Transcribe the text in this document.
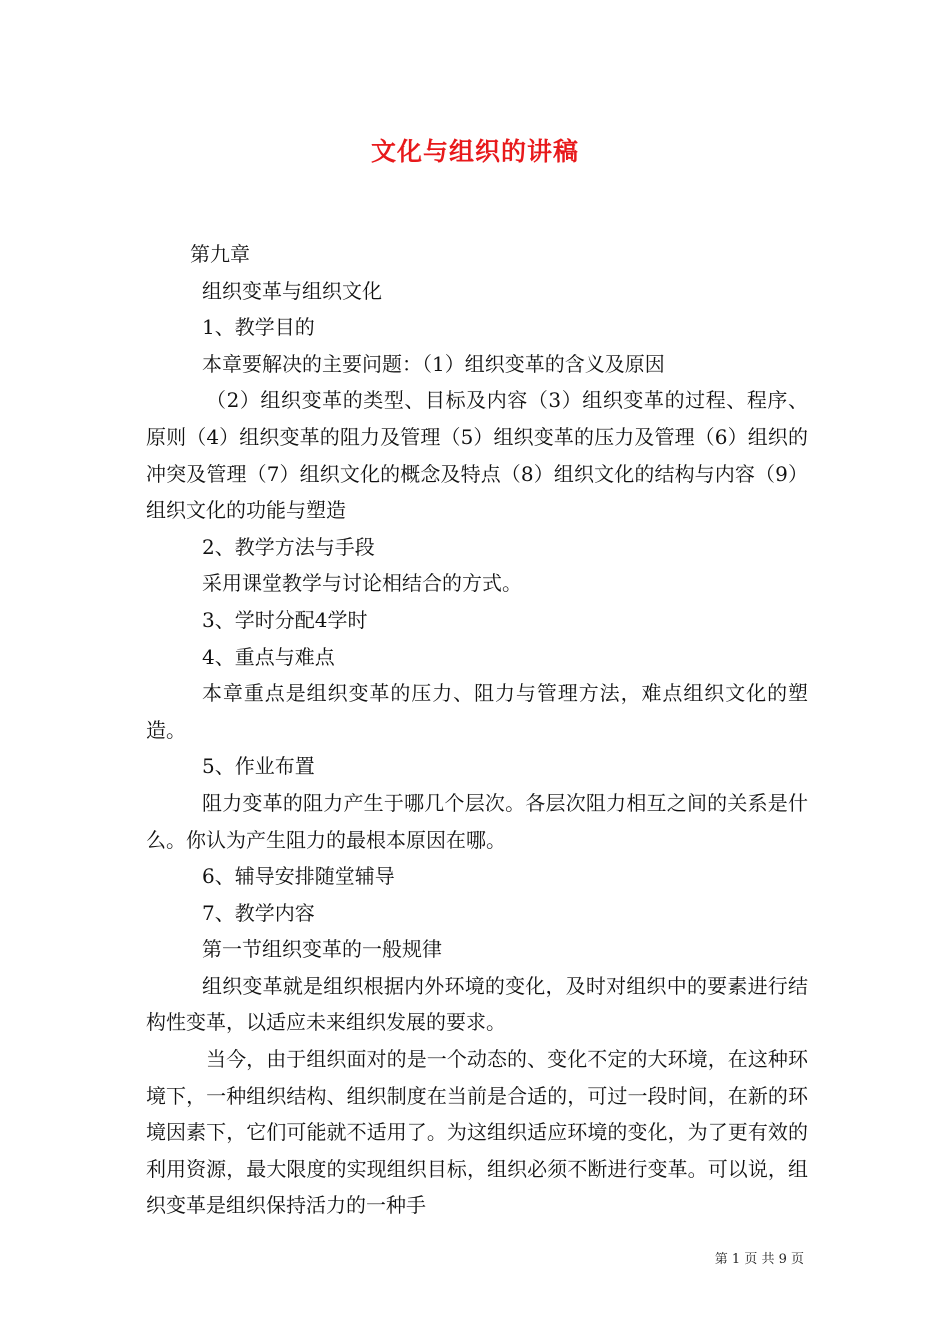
文化与组织的讲稿

第九章

组织变革与组织文化

1、教学目的

本章要解决的主要问题：（1）组织变革的含义及原因

（2）组织变革的类型、目标及内容（3）组织变革的过程、程序、原则（4）组织变革的阻力及管理（5）组织变革的压力及管理（6）组织的冲突及管理（7）组织文化的概念及特点（8）组织文化的结构与内容（9）组织文化的功能与塑造

2、教学方法与手段

采用课堂教学与讨论相结合的方式。

3、学时分配4学时

4、重点与难点

本章重点是组织变革的压力、阻力与管理方法，难点组织文化的塑造。

5、作业布置

阻力变革的阻力产生于哪几个层次。各层次阻力相互之间的关系是什么。你认为产生阻力的最根本原因在哪。

6、辅导安排随堂辅导

7、教学内容

第一节组织变革的一般规律

组织变革就是组织根据内外环境的变化，及时对组织中的要素进行结构性变革，以适应未来组织发展的要求。

当今，由于组织面对的是一个动态的、变化不定的大环境，在这种环境下，一种组织结构、组织制度在当前是合适的，可过一段时间，在新的环境因素下，它们可能就不适用了。为这组织适应环境的变化，为了更有效的利用资源，最大限度的实现组织目标，组织必须不断进行变革。可以说，组织变革是组织保持活力的一种手

第 1 页 共 9 页
